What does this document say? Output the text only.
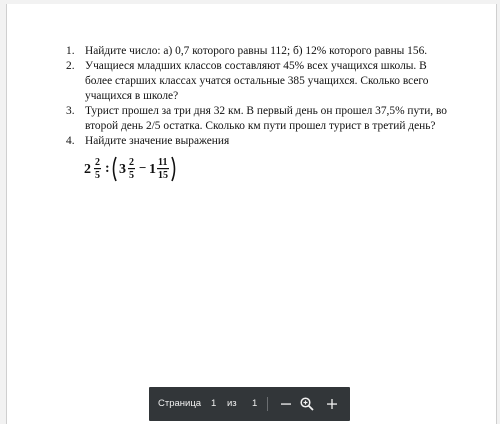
1. Найдите число: а) 0,7 которого равны 112; б) 12% которого равны 156.
2. Учащиеся младших классов составляют 45% всех учащихся школы. В
более старших классах учатся остальные 385 учащихся. Сколько всего
учащихся в школе?
3. Турист прошел за три дня 32 км. В первый день он прошел 37,5% пути, во
второй день 2/5 остатка. Сколько км пути прошел турист в третий день?
4. Найдите значение выражения
2 2
5 : 3 2
5
− 1 11
15
Страница 1 из 1
